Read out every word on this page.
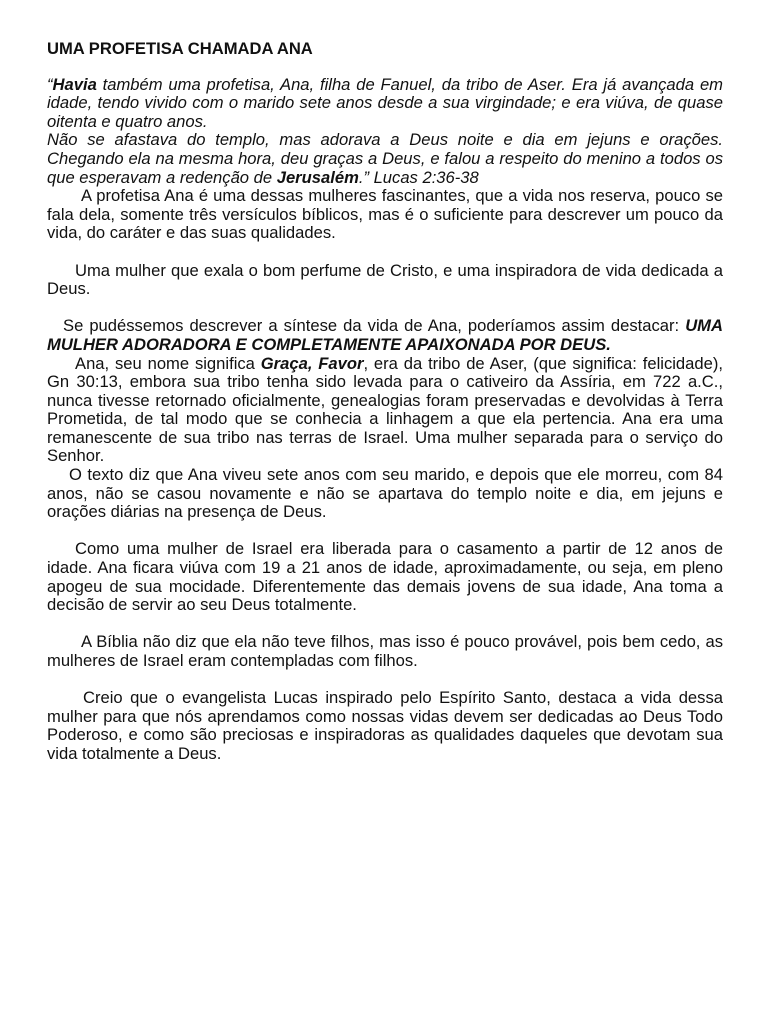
UMA PROFETISA CHAMADA ANA

“Havia também uma profetisa, Ana, filha de Fanuel, da tribo de Aser. Era já avançada em idade, tendo vivido com o marido sete anos desde a sua virgindade; e era viúva, de quase oitenta e quatro anos.

Não se afastava do templo, mas adorava a Deus noite e dia em jejuns e orações. Chegando ela na mesma hora, deu graças a Deus, e falou a respeito do menino a todos os que esperavam a redenção de Jerusalém.” Lucas 2:36-38

A profetisa Ana é uma dessas mulheres fascinantes, que a vida nos reserva, pouco se fala dela, somente três versículos bíblicos, mas é o suficiente para descrever um pouco da vida, do caráter e das suas qualidades.

Uma mulher que exala o bom perfume de Cristo, e uma inspiradora de vida dedicada a Deus.

Se pudéssemos descrever a síntese da vida de Ana, poderíamos assim destacar: UMA MULHER ADORADORA E COMPLETAMENTE APAIXONADA POR DEUS.

Ana, seu nome significa Graça, Favor, era da tribo de Aser, (que significa: felicidade), Gn 30:13, embora sua tribo tenha sido levada para o cativeiro da Assíria, em 722 a.C., nunca tivesse retornado oficialmente, genealogias foram preservadas e devolvidas à Terra Prometida, de tal modo que se conhecia a linhagem a que ela pertencia. Ana era uma remanescente de sua tribo nas terras de Israel. Uma mulher separada para o serviço do Senhor.

O texto diz que Ana viveu sete anos com seu marido, e depois que ele morreu, com 84 anos, não se casou novamente e não se apartava do templo noite e dia, em jejuns e orações diárias na presença de Deus.

Como uma mulher de Israel era liberada para o casamento a partir de 12 anos de idade. Ana ficara viúva com 19 a 21 anos de idade, aproximadamente, ou seja, em pleno apogeu de sua mocidade. Diferentemente das demais jovens de sua idade, Ana toma a decisão de servir ao seu Deus totalmente.

A Bíblia não diz que ela não teve filhos, mas isso é pouco provável, pois bem cedo, as mulheres de Israel eram contempladas com filhos.

Creio que o evangelista Lucas inspirado pelo Espírito Santo, destaca a vida dessa mulher para que nós aprendamos como nossas vidas devem ser dedicadas ao Deus Todo Poderoso, e como são preciosas e inspiradoras as qualidades daqueles que devotam sua vida totalmente a Deus.
